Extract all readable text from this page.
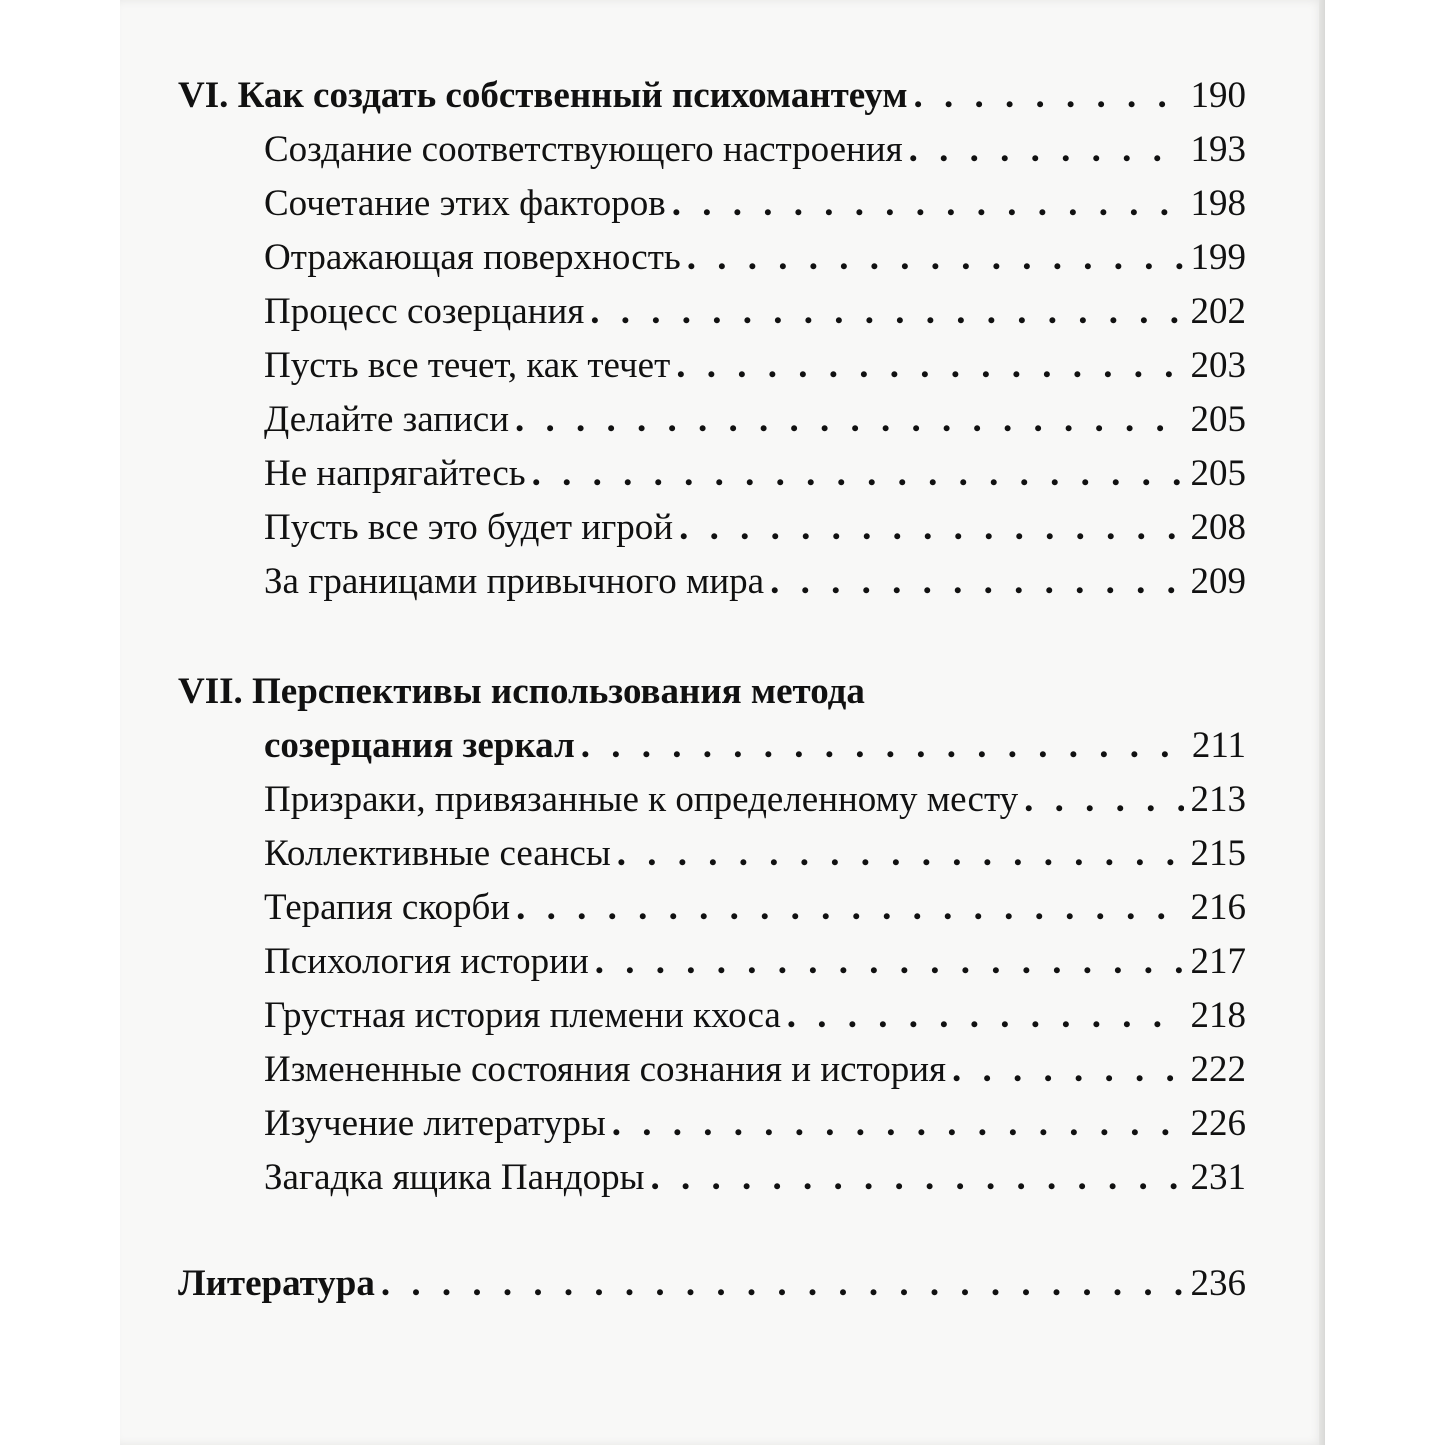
VI. Как создать собственный психомантеум . . .	190
Создание соответствующего настроения . . .	193
Сочетание этих факторов . . .	198
Отражающая поверхность . . .	199
Процесс созерцания . . .	202
Пусть все течет, как течет . . .	203
Делайте записи . . .	205
Не напрягайтесь . . .	205
Пусть все это будет игрой . . .	208
За границами привычного мира . . .	209
VII. Перспективы использования метода
созерцания зеркал . . .	211
Призраки, привязанные к определенному месту . . .	213
Коллективные сеансы . . .	215
Терапия скорби . . .	216
Психология истории . . .	217
Грустная история племени кхоса . . .	218
Измененные состояния сознания и история . . .	222
Изучение литературы . . .	226
Загадка ящика Пандоры . . .	231
Литература . . .	236
